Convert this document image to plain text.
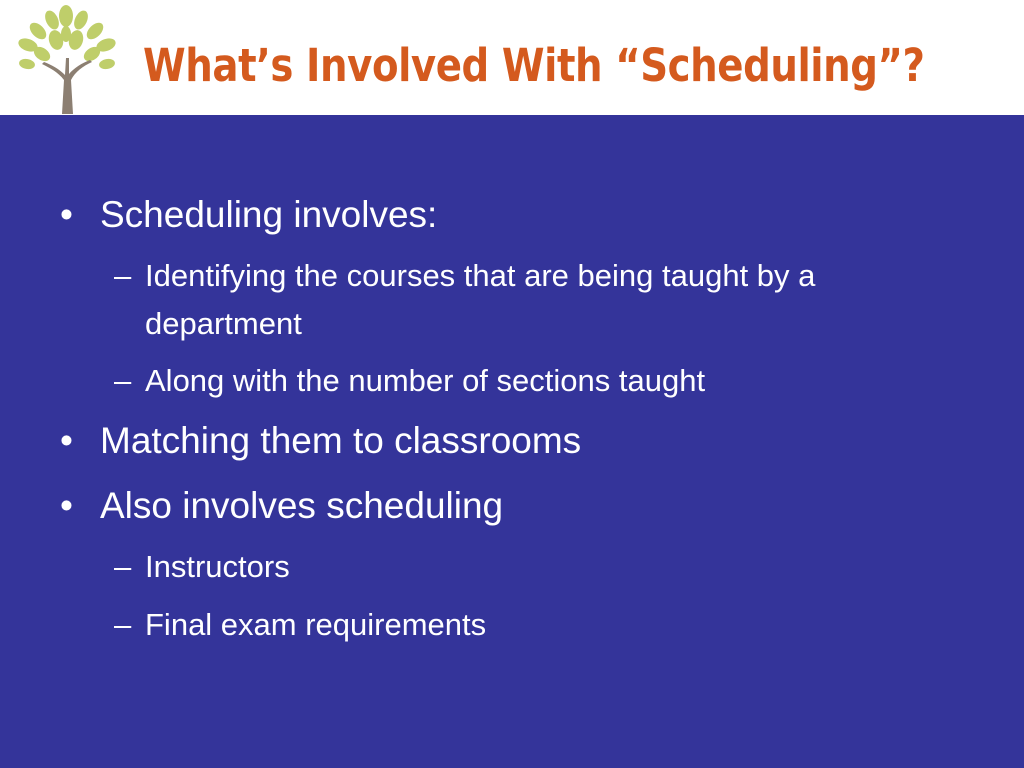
What’s Involved With “Scheduling”?
• Scheduling involves:
– Identifying the courses that are being taught by a department
– Along with the number of sections taught
• Matching them to classrooms
• Also involves scheduling
– Instructors
– Final exam requirements
